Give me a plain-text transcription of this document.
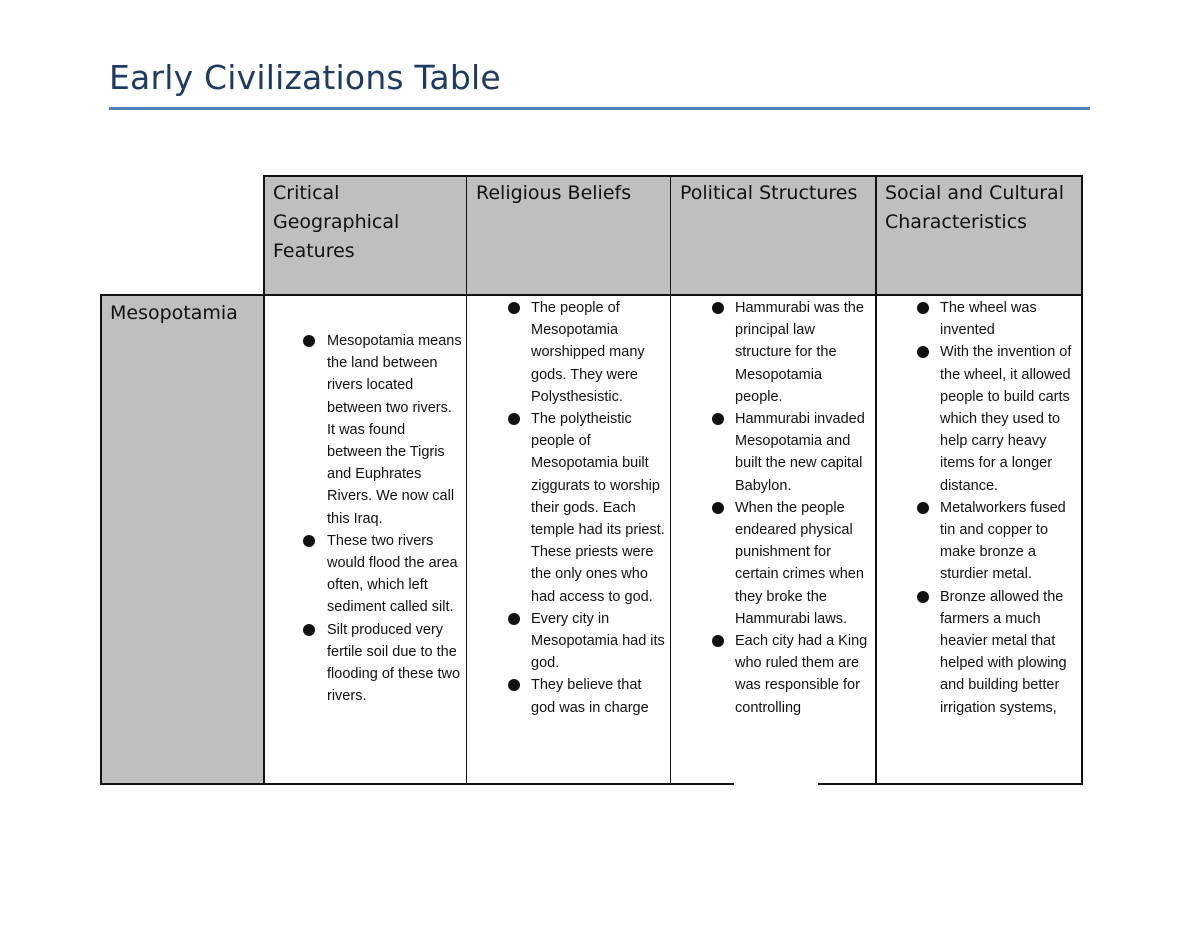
Early Civilizations Table
Critical Geographical Features
Religious Beliefs	Political Structures	Social and Cultural Characteristics
Mesopotamia
Mesopotamia means the land between rivers located between two rivers. It was found between the Tigris and Euphrates Rivers. We now call this Iraq.
These two rivers would flood the area often, which left sediment called silt.
Silt produced very fertile soil due to the flooding of these two rivers.
The people of Mesopotamia worshipped many gods. They were Polysthesistic.
The polytheistic people of Mesopotamia built ziggurats to worship their gods. Each temple had its priest. These priests were the only ones who had access to god.
Every city in Mesopotamia had its god.
They believe that god was in charge
Hammurabi was the principal law structure for the Mesopotamia people.
Hammurabi invaded Mesopotamia and built the new capital Babylon.
When the people endeared physical punishment for certain crimes when they broke the Hammurabi laws.
Each city had a King who ruled them are was responsible for controlling
The wheel was invented
With the invention of the wheel, it allowed people to build carts which they used to help carry heavy items for a longer distance.
Metalworkers fused tin and copper to make bronze a sturdier metal.
Bronze allowed the farmers a much heavier metal that helped with plowing and building better irrigation systems,
